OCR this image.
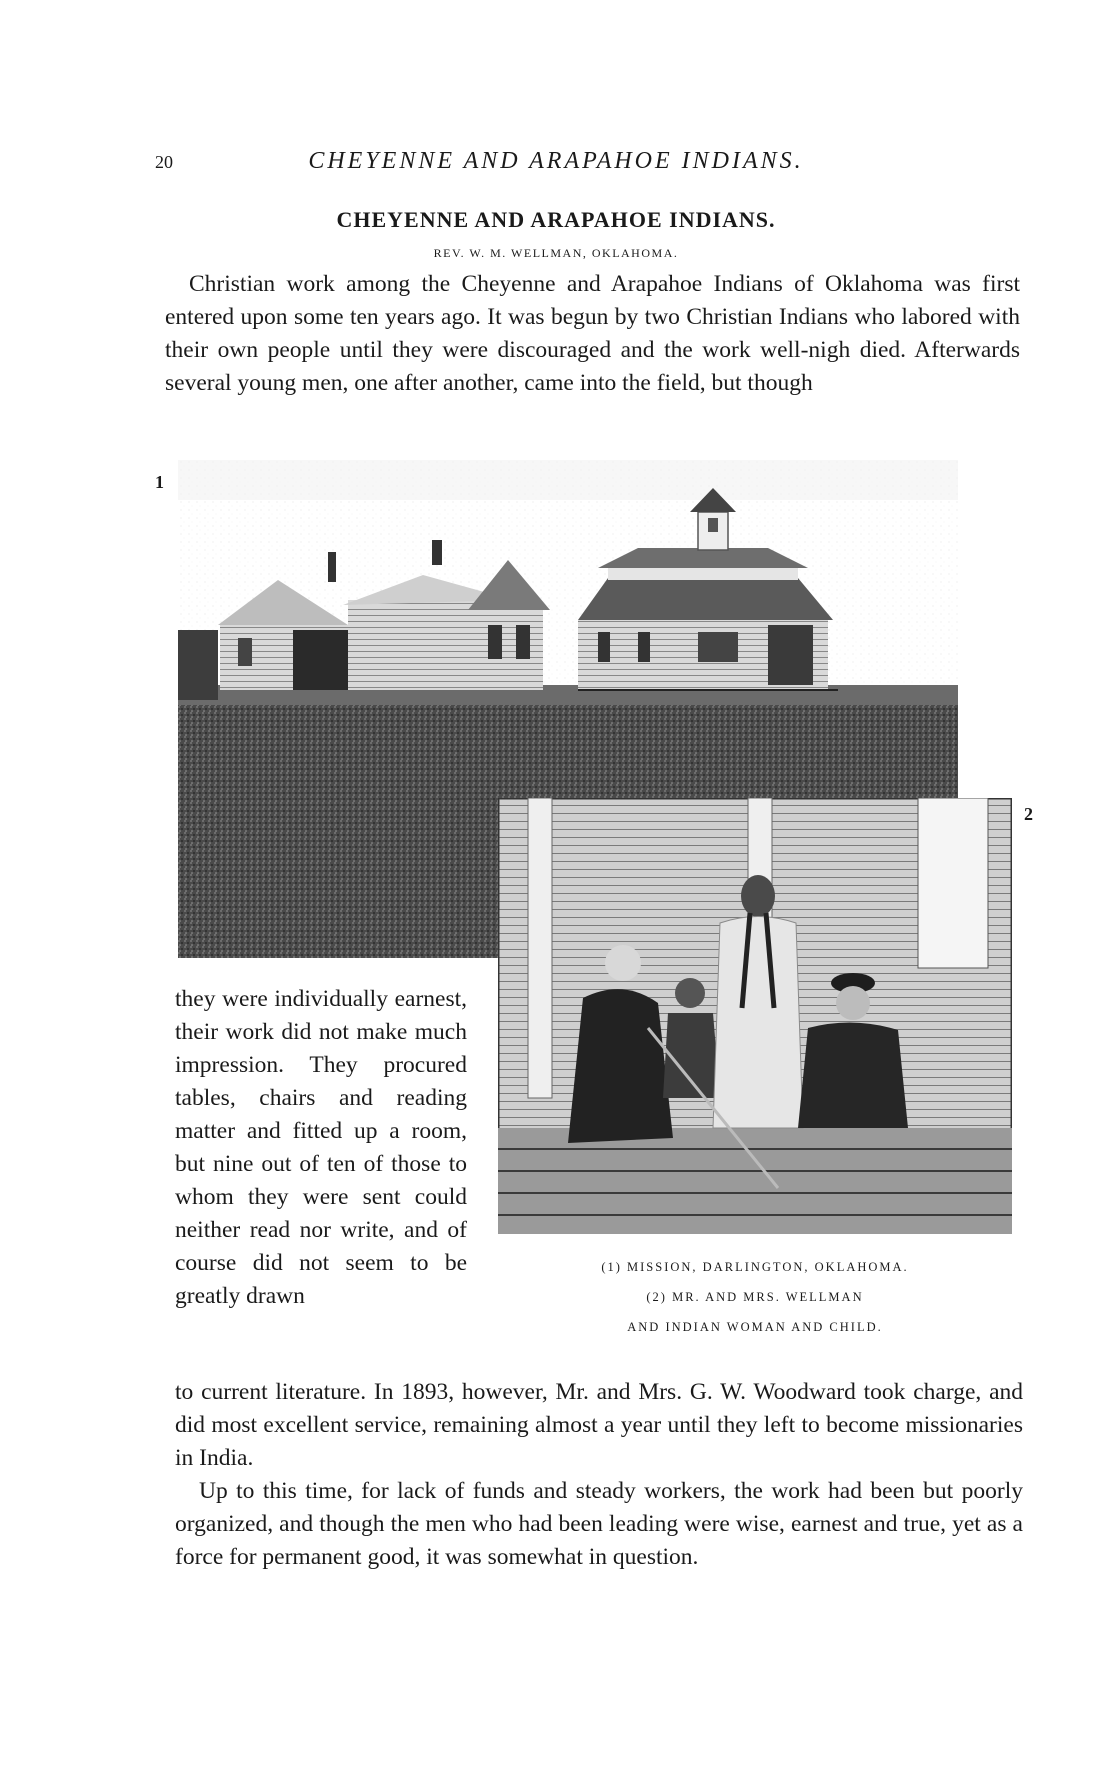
20	CHEYENNE AND ARAPAHOE INDIANS.
CHEYENNE AND ARAPAHOE INDIANS.
REV. W. M. WELLMAN, OKLAHOMA.
Christian work among the Cheyenne and Arapahoe Indians of Oklahoma was first entered upon some ten years ago. It was begun by two Christian Indians who labored with their own people until they were discouraged and the work well-nigh died. Afterwards several young men, one after another, came into the field, but though
1
2
they were individually earnest, their work did not make much impression. They procured tables, chairs and reading matter and fitted up a room, but nine out of ten of those to whom they were sent could neither read nor write, and of course did not seem to be greatly drawn
(1) MISSION, DARLINGTON, OKLAHOMA.
(2) MR. AND MRS. WELLMAN
AND INDIAN WOMAN AND CHILD.
to current literature. In 1893, however, Mr. and Mrs. G. W. Woodward took charge, and did most excellent service, remaining almost a year until they left to become missionaries in India.
Up to this time, for lack of funds and steady workers, the work had been but poorly organized, and though the men who had been leading were wise, earnest and true, yet as a force for permanent good, it was somewhat in question.
